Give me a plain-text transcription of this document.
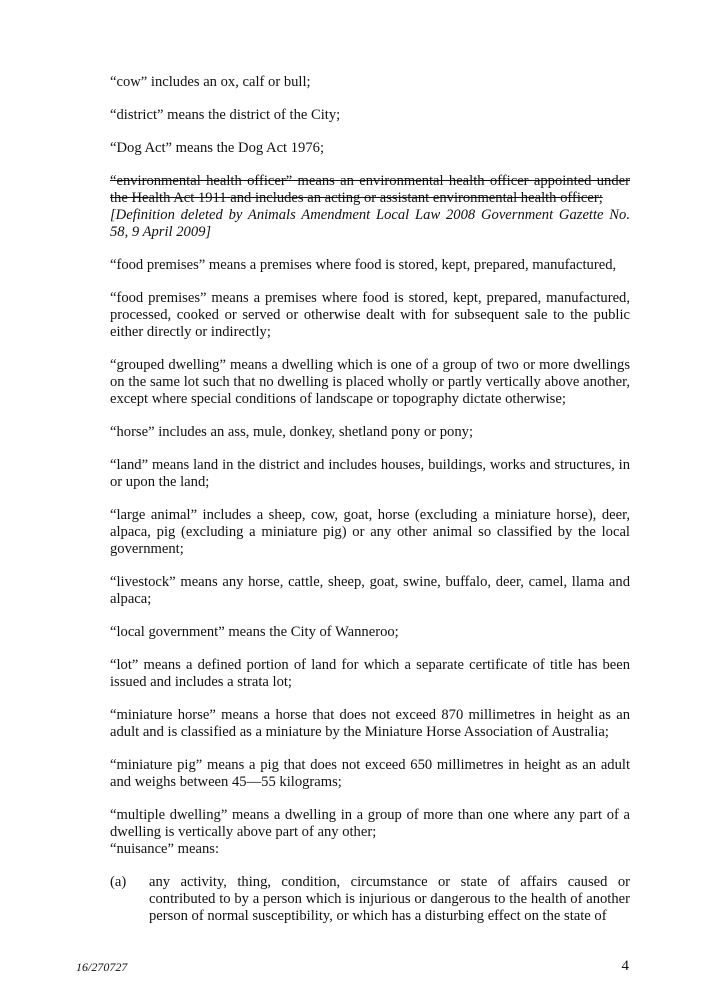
“cow” includes an ox, calf or bull;

“district” means the district of the City;

“Dog Act” means the Dog Act 1976;

“environmental health officer” means an environmental health officer appointed under the Health Act 1911 and includes an acting or assistant environmental health officer;

[Definition deleted by Animals Amendment Local Law 2008 Government Gazette No. 58, 9 April 2009]

“food premises” means a premises where food is stored, kept, prepared, manufactured,

“food premises” means a premises where food is stored, kept, prepared, manufactured, processed, cooked or served or otherwise dealt with for subsequent sale to the public either directly or indirectly;

“grouped dwelling” means a dwelling which is one of a group of two or more dwellings on the same lot such that no dwelling is placed wholly or partly vertically above another, except where special conditions of landscape or topography dictate otherwise;

“horse” includes an ass, mule, donkey, shetland pony or pony;

“land” means land in the district and includes houses, buildings, works and structures, in or upon the land;

“large animal” includes a sheep, cow, goat, horse (excluding a miniature horse), deer, alpaca, pig (excluding a miniature pig) or any other animal so classified by the local government;

“livestock” means any horse, cattle, sheep, goat, swine, buffalo, deer, camel, llama and alpaca;

“local government” means the City of Wanneroo;

“lot” means a defined portion of land for which a separate certificate of title has been issued and includes a strata lot;

“miniature horse” means a horse that does not exceed 870 millimetres in height as an adult and is classified as a miniature by the Miniature Horse Association of Australia;

“miniature pig” means a pig that does not exceed 650 millimetres in height as an adult and weighs between 45—55 kilograms;

“multiple dwelling” means a dwelling in a group of more than one where any part of a dwelling is vertically above part of any other;

“nuisance” means:

(a) any activity, thing, condition, circumstance or state of affairs caused or contributed to by a person which is injurious or dangerous to the health of another person of normal susceptibility, or which has a disturbing effect on the state of
16/270727	4
